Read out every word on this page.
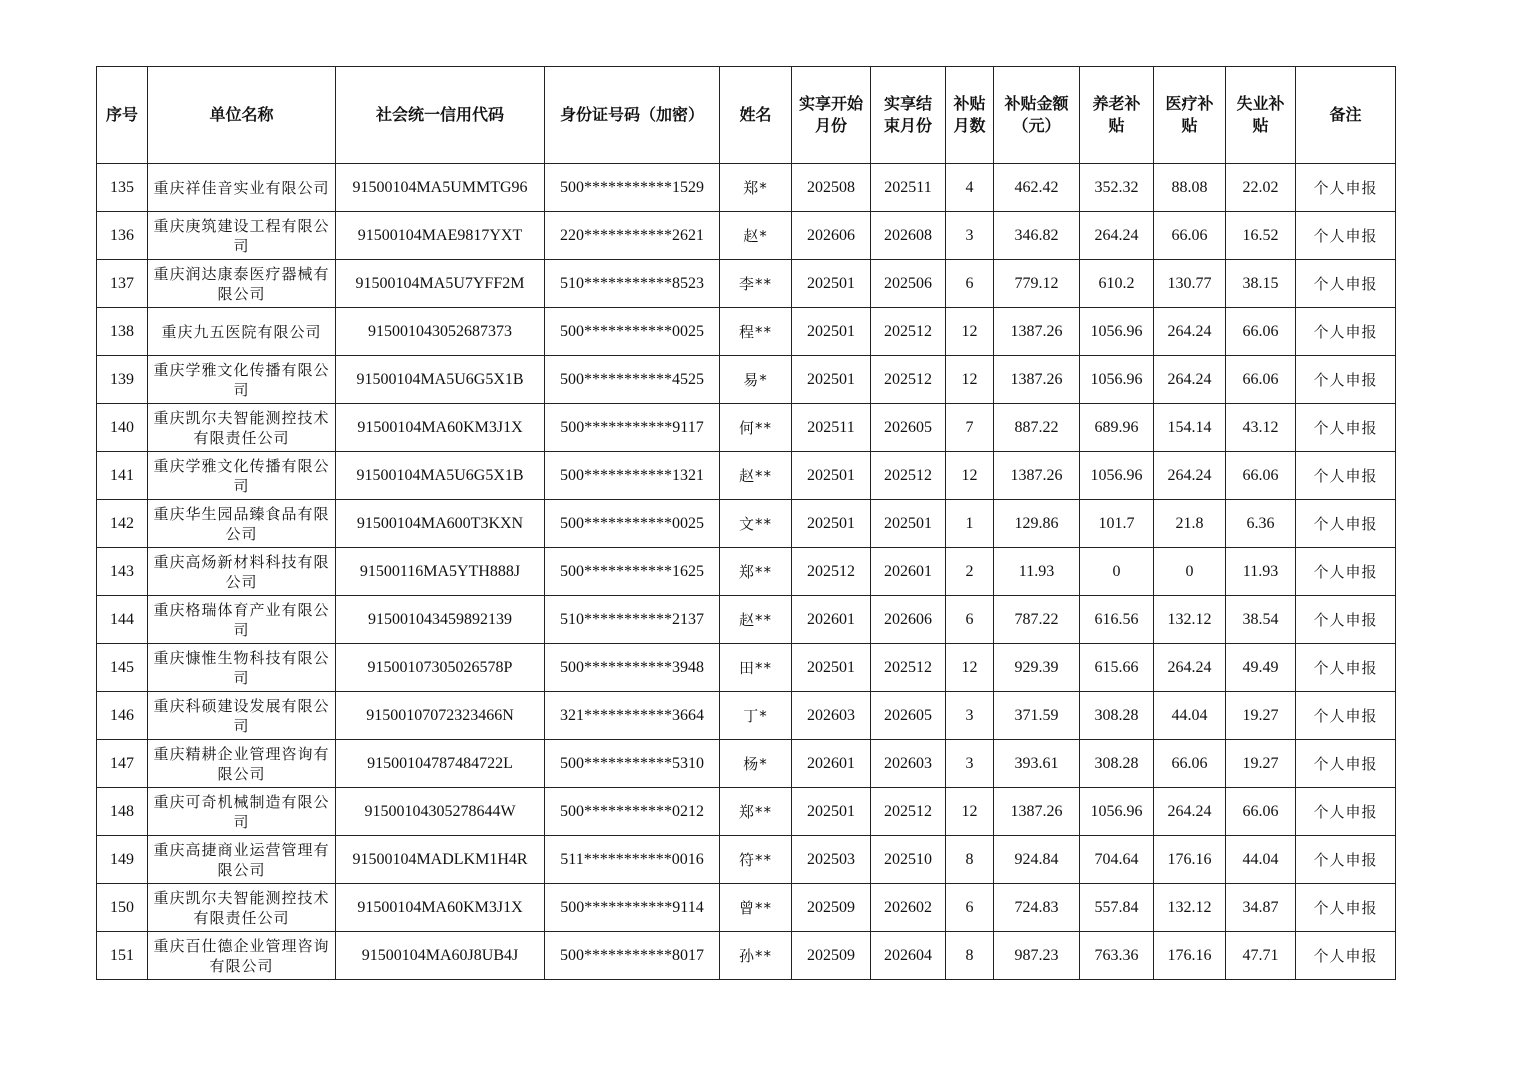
序号	单位名称	社会统一信用代码	身份证号码（加密）	姓名	实享开始月份	实享结束月份	补贴月数	补贴金额（元）	养老补贴	医疗补贴	失业补贴	备注
135	重庆祥佳音实业有限公司	91500104MA5UMMTG96	500***********1529	郑*	202508	202511	4	462.42	352.32	88.08	22.02	个人申报
136	重庆庚筑建设工程有限公司	91500104MAE9817YXT	220***********2621	赵*	202606	202608	3	346.82	264.24	66.06	16.52	个人申报
137	重庆润达康泰医疗器械有限公司	91500104MA5U7YFF2M	510***********8523	李**	202501	202506	6	779.12	610.2	130.77	38.15	个人申报
138	重庆九五医院有限公司	915001043052687373	500***********0025	程**	202501	202512	12	1387.26	1056.96	264.24	66.06	个人申报
139	重庆学雅文化传播有限公司	91500104MA5U6G5X1B	500***********4525	易*	202501	202512	12	1387.26	1056.96	264.24	66.06	个人申报
140	重庆凯尔夫智能测控技术有限责任公司	91500104MA60KM3J1X	500***********9117	何**	202511	202605	7	887.22	689.96	154.14	43.12	个人申报
141	重庆学雅文化传播有限公司	91500104MA5U6G5X1B	500***********1321	赵**	202501	202512	12	1387.26	1056.96	264.24	66.06	个人申报
142	重庆华生园品臻食品有限公司	91500104MA600T3KXN	500***********0025	文**	202501	202501	1	129.86	101.7	21.8	6.36	个人申报
143	重庆高炀新材料科技有限公司	91500116MA5YTH888J	500***********1625	郑**	202512	202601	2	11.93	0	0	11.93	个人申报
144	重庆格瑞体育产业有限公司	915001043459892139	510***********2137	赵**	202601	202606	6	787.22	616.56	132.12	38.54	个人申报
145	重庆慷惟生物科技有限公司	91500107305026578P	500***********3948	田**	202501	202512	12	929.39	615.66	264.24	49.49	个人申报
146	重庆科硕建设发展有限公司	91500107072323466N	321***********3664	丁*	202603	202605	3	371.59	308.28	44.04	19.27	个人申报
147	重庆精耕企业管理咨询有限公司	91500104787484722L	500***********5310	杨*	202601	202603	3	393.61	308.28	66.06	19.27	个人申报
148	重庆可奇机械制造有限公司	91500104305278644W	500***********0212	郑**	202501	202512	12	1387.26	1056.96	264.24	66.06	个人申报
149	重庆高捷商业运营管理有限公司	91500104MADLKM1H4R	511***********0016	符**	202503	202510	8	924.84	704.64	176.16	44.04	个人申报
150	重庆凯尔夫智能测控技术有限责任公司	91500104MA60KM3J1X	500***********9114	曾**	202509	202602	6	724.83	557.84	132.12	34.87	个人申报
151	重庆百仕德企业管理咨询有限公司	91500104MA60J8UB4J	500***********8017	孙**	202509	202604	8	987.23	763.36	176.16	47.71	个人申报
